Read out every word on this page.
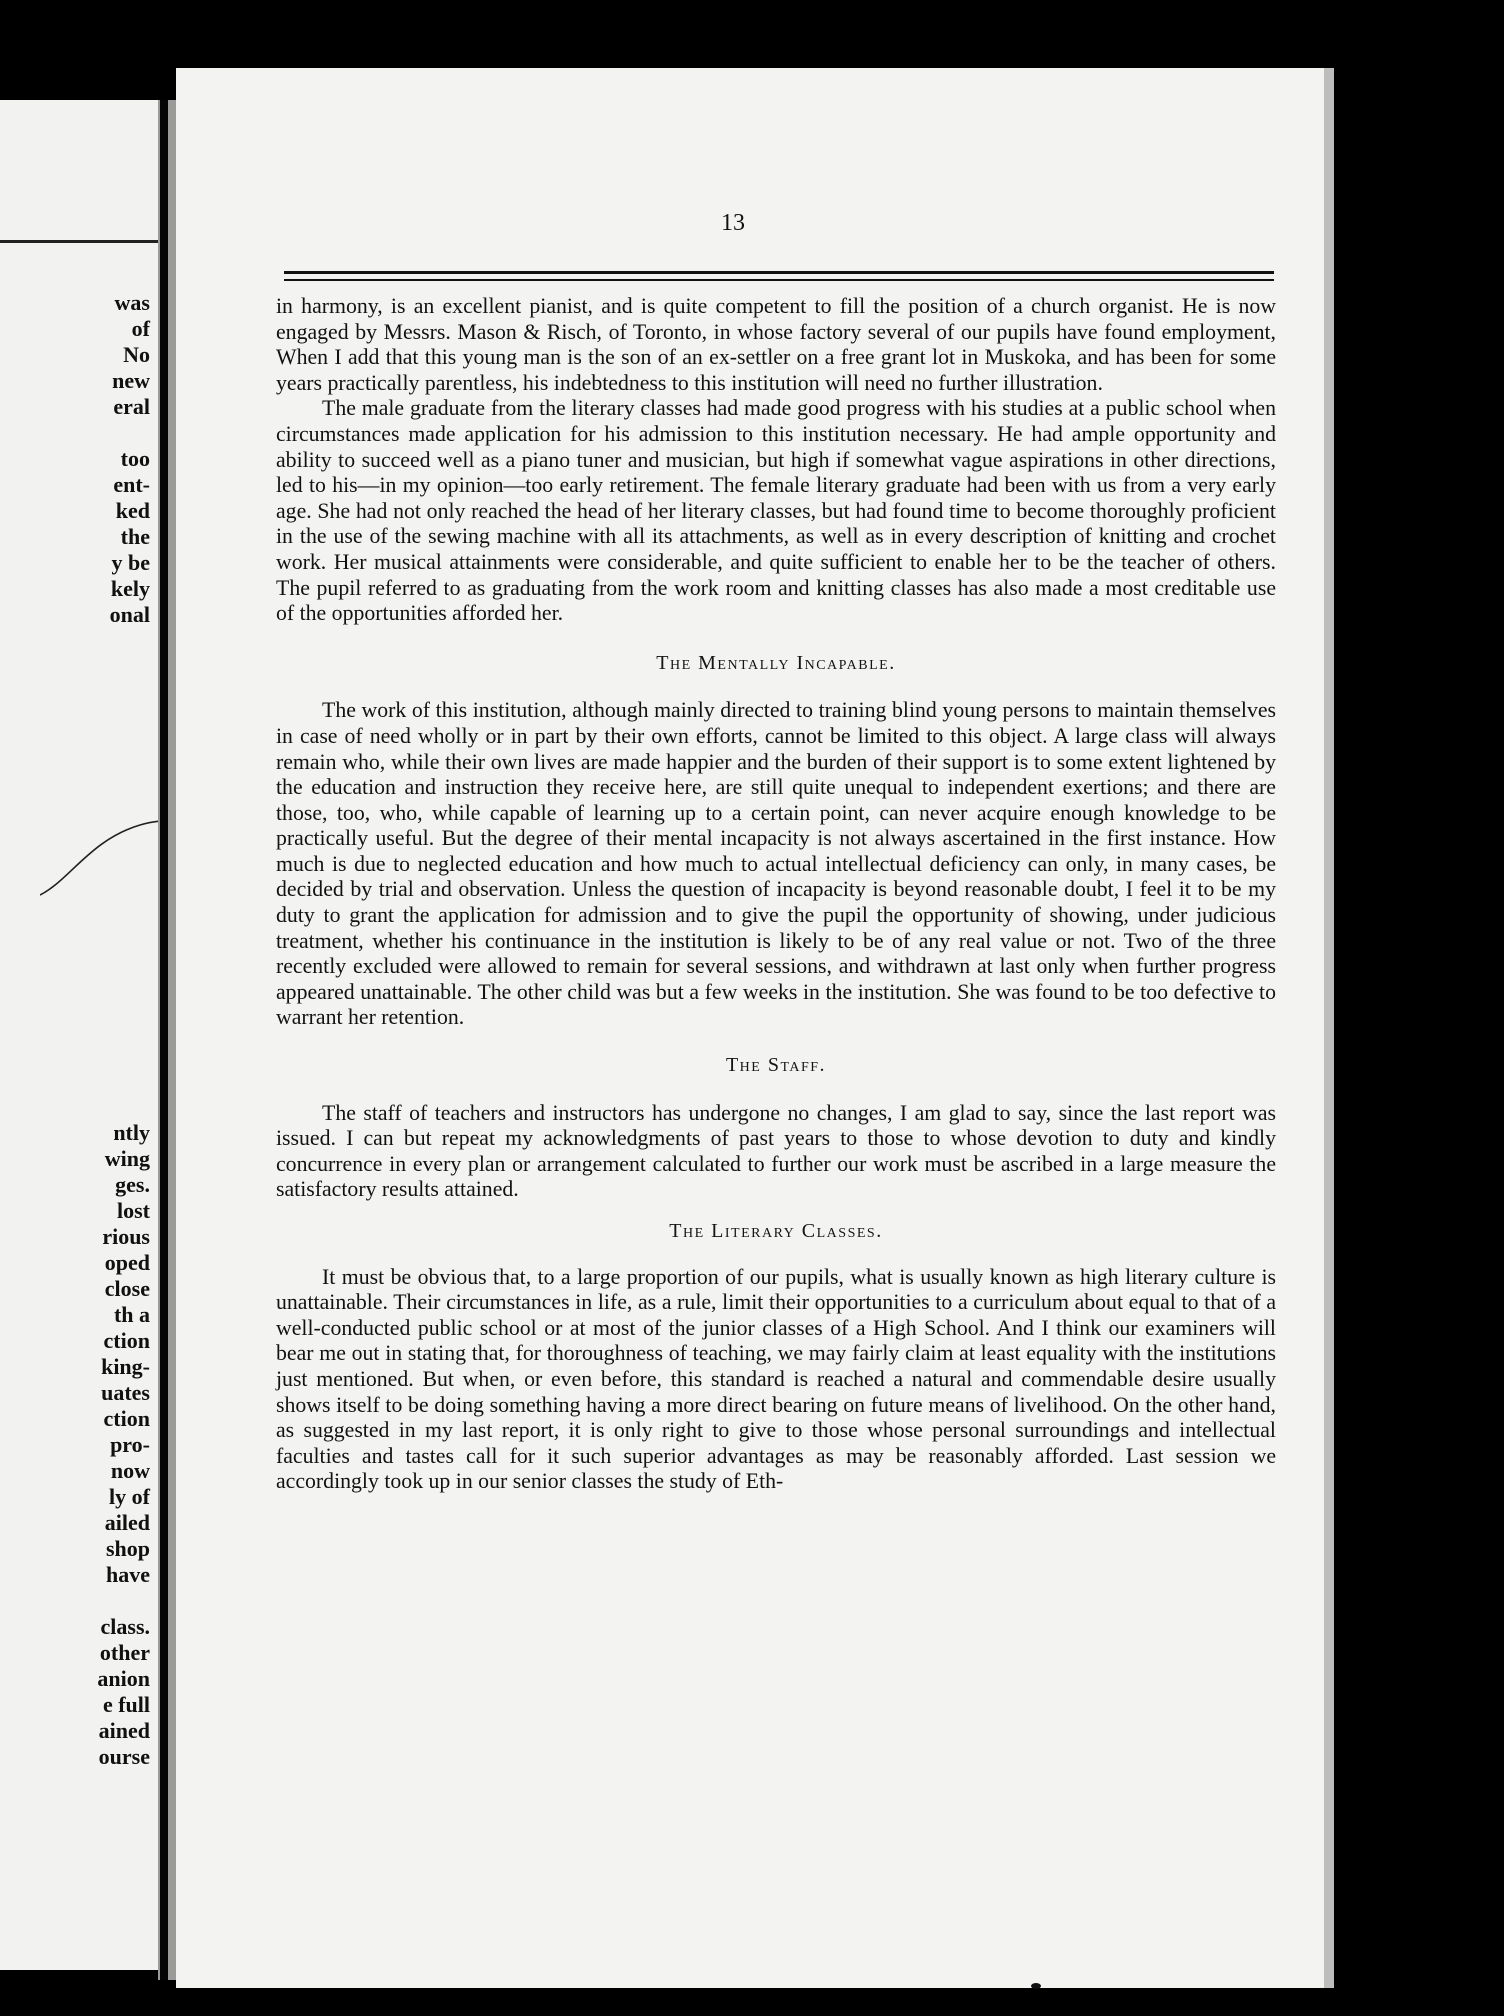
was
of
No
new
eral
too
ent-
ked
the
y be
kely
onal
ntly
wing
ges.
lost
rious
oped
close
th a
ction
king-
uates
ction
pro-
now
ly of
ailed
shop
have
class.
other
anion
e full
ained
ourse
13

in harmony, is an excellent pianist, and is quite competent to fill the position of a church organist. He is now engaged by Messrs. Mason & Risch, of Toronto, in whose factory several of our pupils have found employment, When I add that this young man is the son of an ex-settler on a free grant lot in Muskoka, and has been for some years practically parentless, his indebtedness to this institution will need no further illustration.

The male graduate from the literary classes had made good progress with his studies at a public school when circumstances made application for his admission to this institution necessary. He had ample opportunity and ability to succeed well as a piano tuner and musician, but high if somewhat vague aspirations in other directions, led to his—in my opinion—too early retirement. The female literary graduate had been with us from a very early age. She had not only reached the head of her literary classes, but had found time to become thoroughly proficient in the use of the sewing machine with all its attachments, as well as in every description of knitting and crochet work. Her musical attainments were considerable, and quite sufficient to enable her to be the teacher of others. The pupil referred to as graduating from the work room and knitting classes has also made a most creditable use of the opportunities afforded her.

The Mentally Incapable.

The work of this institution, although mainly directed to training blind young persons to maintain themselves in case of need wholly or in part by their own efforts, cannot be limited to this object. A large class will always remain who, while their own lives are made happier and the burden of their support is to some extent lightened by the education and instruction they receive here, are still quite unequal to independent exertions; and there are those, too, who, while capable of learning up to a certain point, can never acquire enough knowledge to be practically useful. But the degree of their mental incapacity is not always ascertained in the first instance. How much is due to neglected education and how much to actual intellectual deficiency can only, in many cases, be decided by trial and observation. Unless the question of incapacity is beyond reasonable doubt, I feel it to be my duty to grant the application for admission and to give the pupil the opportunity of showing, under judicious treatment, whether his continuance in the institution is likely to be of any real value or not. Two of the three recently excluded were allowed to remain for several sessions, and withdrawn at last only when further progress appeared unattainable. The other child was but a few weeks in the institution. She was found to be too defective to warrant her retention.

The Staff.

The staff of teachers and instructors has undergone no changes, I am glad to say, since the last report was issued. I can but repeat my acknowledgments of past years to those to whose devotion to duty and kindly concurrence in every plan or arrangement calculated to further our work must be ascribed in a large measure the satisfactory results attained.

The Literary Classes.

It must be obvious that, to a large proportion of our pupils, what is usually known as high literary culture is unattainable. Their circumstances in life, as a rule, limit their opportunities to a curriculum about equal to that of a well-conducted public school or at most of the junior classes of a High School. And I think our examiners will bear me out in stating that, for thoroughness of teaching, we may fairly claim at least equality with the institutions just mentioned. But when, or even before, this standard is reached a natural and commendable desire usually shows itself to be doing something having a more direct bearing on future means of livelihood. On the other hand, as suggested in my last report, it is only right to give to those whose personal surroundings and intellectual faculties and tastes call for it such superior advantages as may be reasonably afforded. Last session we accordingly took up in our senior classes the study of Eth-
